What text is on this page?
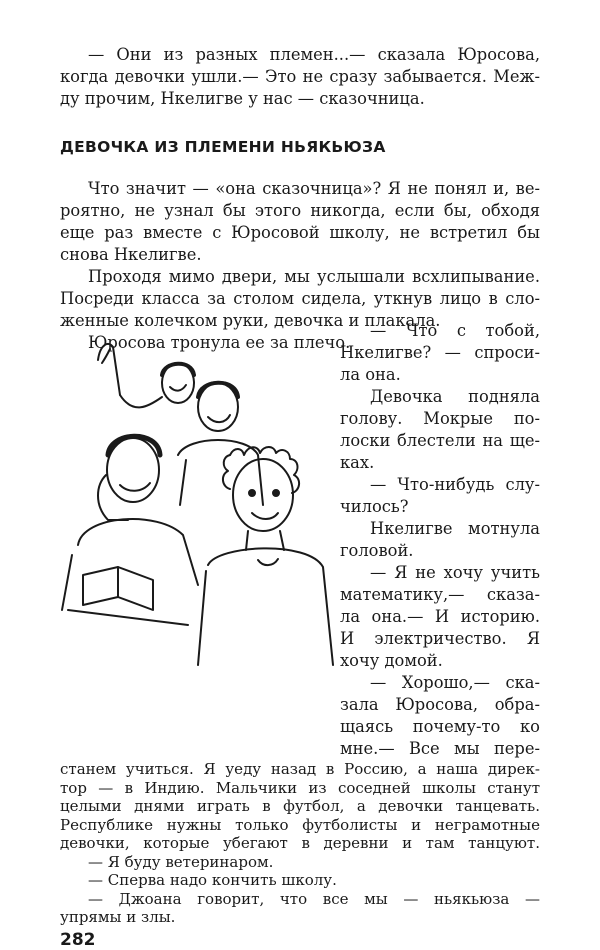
— Они из разных племен...— сказала Юросова,
когда девочки ушли.— Это не сразу забывается. Меж-
ду прочим, Нкелигве у нас — сказочница.
ДЕВОЧКА ИЗ ПЛЕМЕНИ НЬЯКЬЮЗА
Что значит — «она сказочница»? Я не понял и, ве-
роятно, не узнал бы этого никогда, если бы, обходя
еще раз вместе с Юросовой школу, не встретил бы
снова Нкелигве.
Проходя мимо двери, мы услышали всхлипывание.
Посреди класса за столом сидела, уткнув лицо в сло-
женные колечком руки, девочка и плакала.
Юросова тронула ее за плечо.
— Что с тобой,
Нкелигве? — спроси-
ла она.
Девочка подняла
голову. Мокрые по-
лоски блестели на ще-
ках.
— Что-нибудь слу-
чилось?
Нкелигве мотнула
головой.
— Я не хочу учить
математику,— сказа-
ла она.— И историю.
И электричество. Я
хочу домой.
— Хорошо,— ска-
зала Юросова, обра-
щаясь почему-то ко
мне.— Все мы пере-
станем учиться. Я уеду назад в Россию, а наша дирек-
тор — в Индию. Мальчики из соседней школы станут
целыми днями играть в футбол, а девочки танцевать.
Республике нужны только футболисты и неграмотные
девочки, которые убегают в деревни и там танцуют.
— Я буду ветеринаром.
— Сперва надо кончить школу.
— Джоана говорит, что все мы — ньякьюза —
упрямы и злы.
282
